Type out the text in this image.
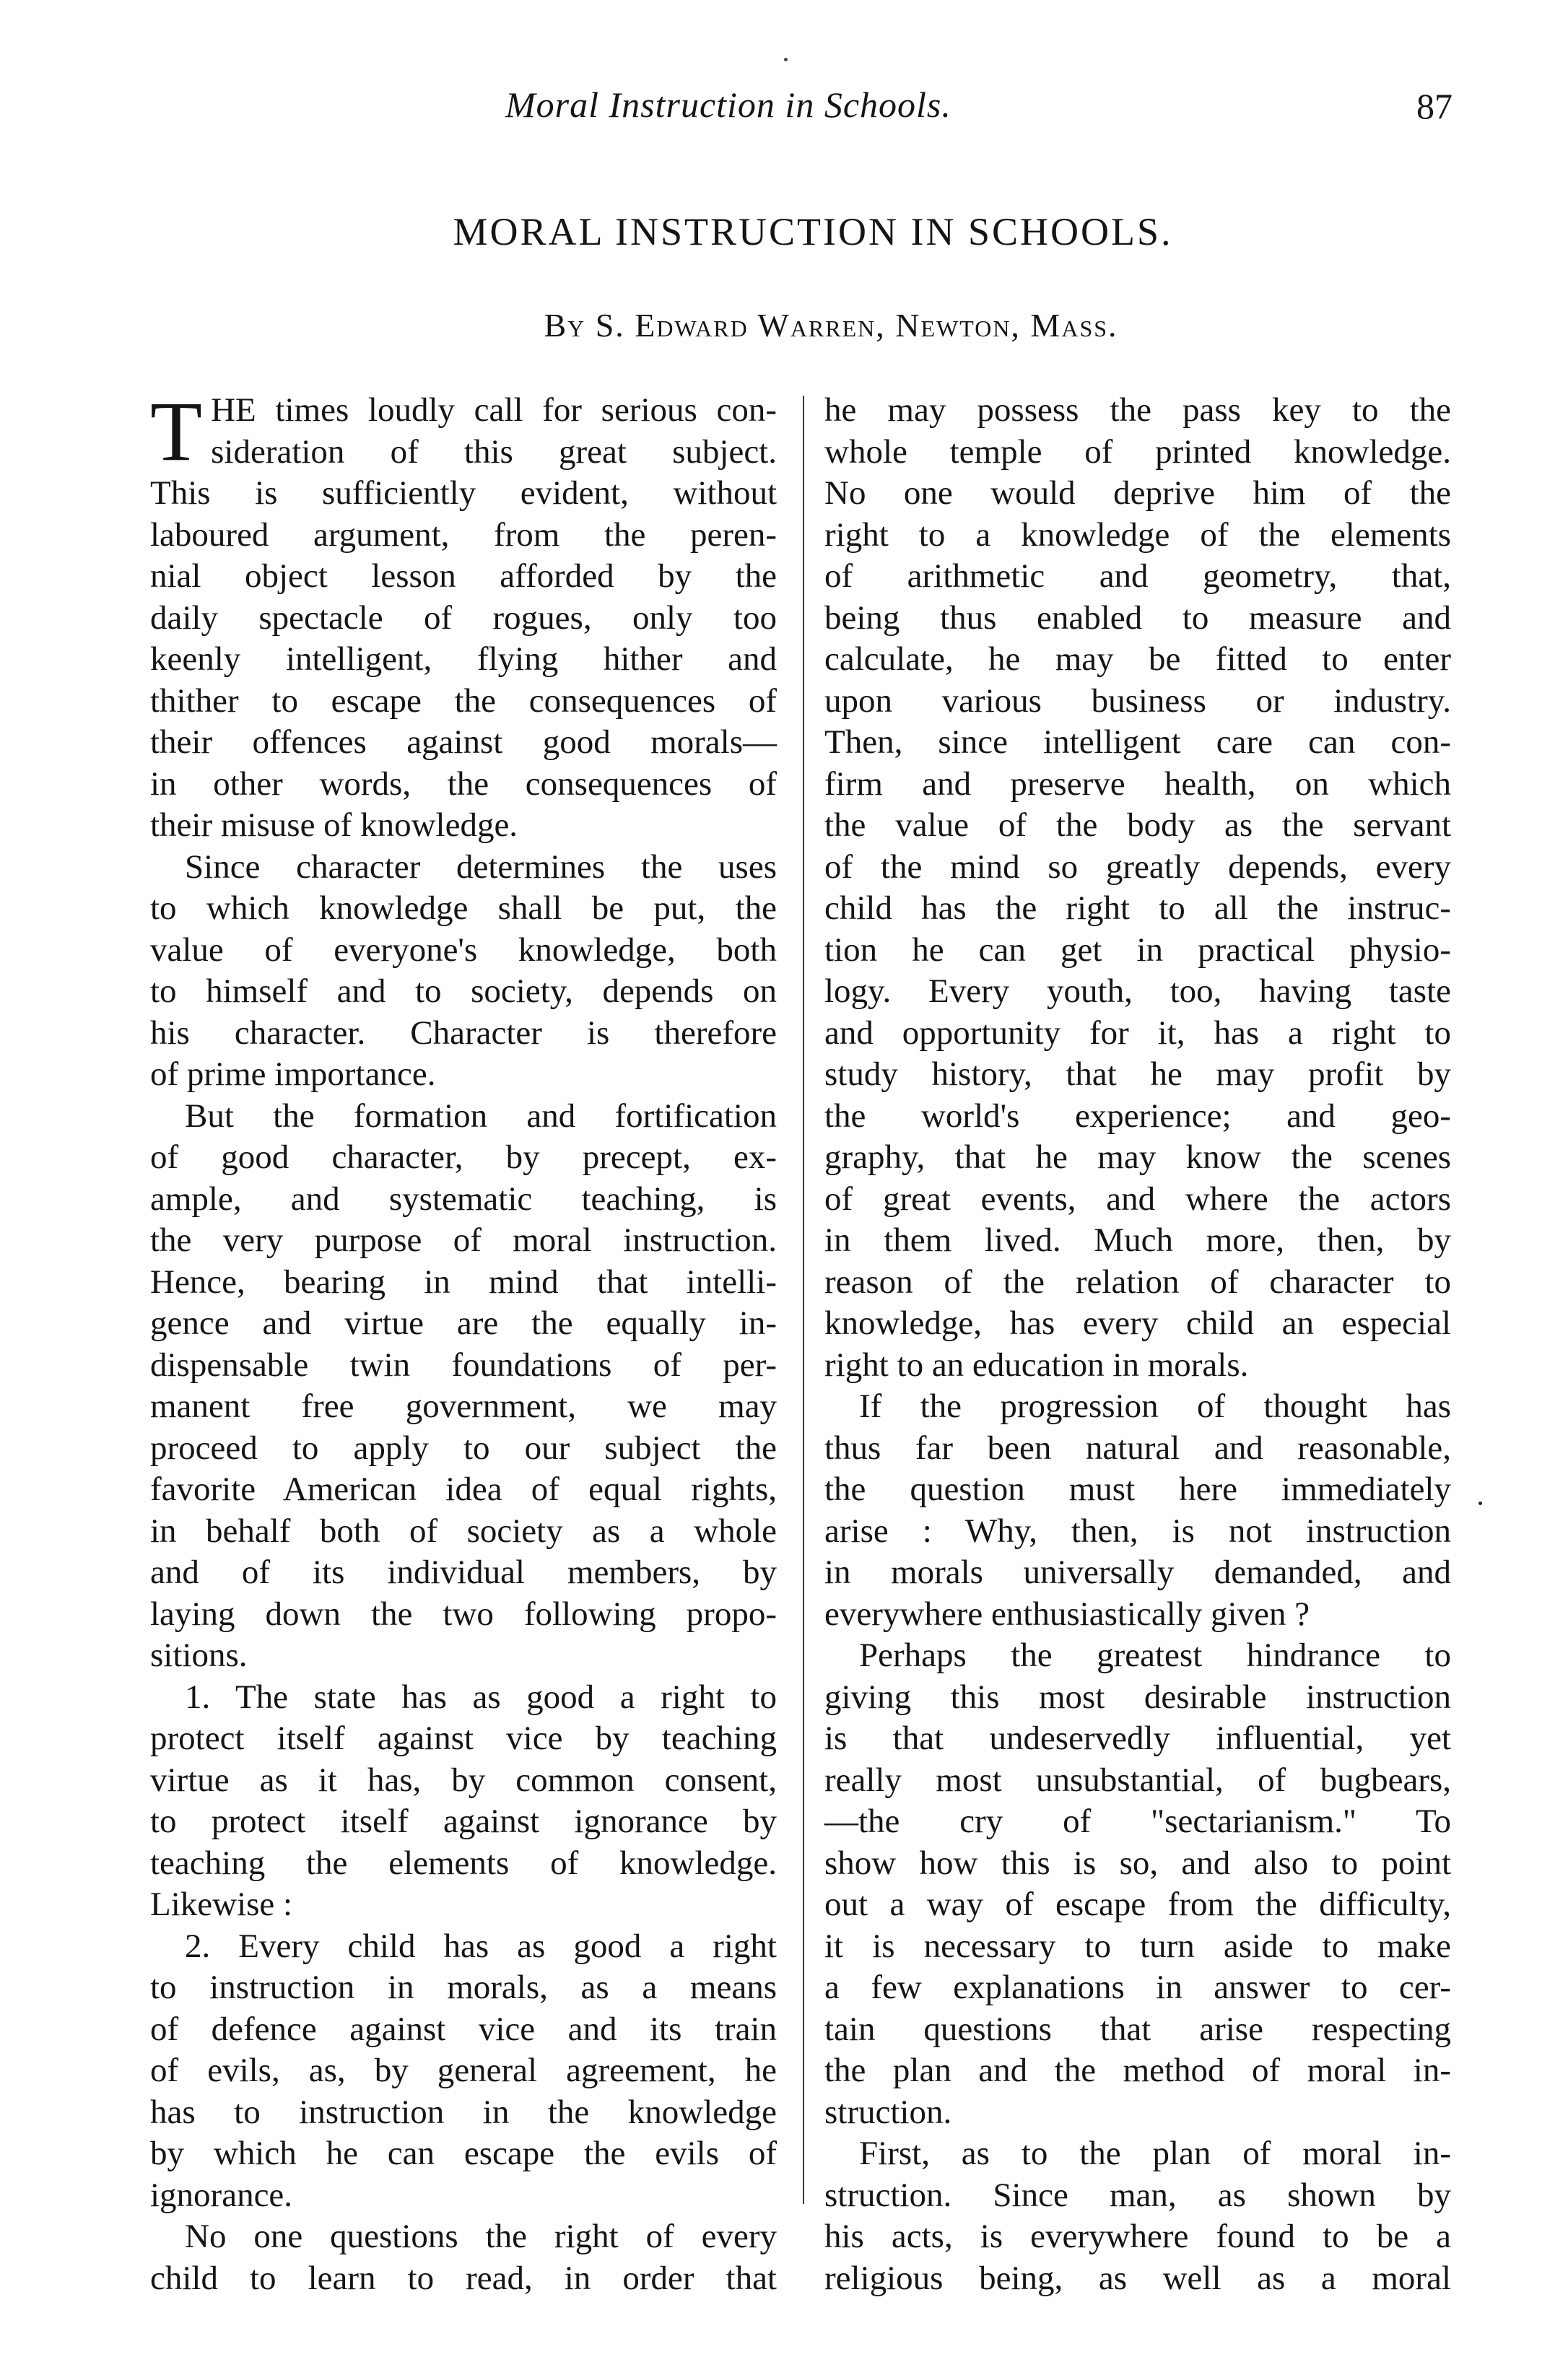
Moral Instruction in Schools.	87
MORAL INSTRUCTION IN SCHOOLS.
By S. Edward Warren, Newton, Mass.
T HE times loudly call for serious con-
sideration of this great subject.
This is sufficiently evident, without
laboured argument, from the peren-
nial object lesson afforded by the
daily spectacle of rogues, only too
keenly intelligent, flying hither and
thither to escape the consequences of
their offences against good morals—
in other words, the consequences of
their misuse of knowledge.
Since character determines the uses
to which knowledge shall be put, the
value of everyone's knowledge, both
to himself and to society, depends on
his character. Character is therefore
of prime importance.
But the formation and fortification
of good character, by precept, ex-
ample, and systematic teaching, is
the very purpose of moral instruction.
Hence, bearing in mind that intelli-
gence and virtue are the equally in-
dispensable twin foundations of per-
manent free government, we may
proceed to apply to our subject the
favorite American idea of equal rights,
in behalf both of society as a whole
and of its individual members, by
laying down the two following propo-
sitions.
1. The state has as good a right to
protect itself against vice by teaching
virtue as it has, by common consent,
to protect itself against ignorance by
teaching the elements of knowledge.
Likewise :
2. Every child has as good a right
to instruction in morals, as a means
of defence against vice and its train
of evils, as, by general agreement, he
has to instruction in the knowledge
by which he can escape the evils of
ignorance.
No one questions the right of every
child to learn to read, in order that
he may possess the pass key to the
whole temple of printed knowledge.
No one would deprive him of the
right to a knowledge of the elements
of arithmetic and geometry, that,
being thus enabled to measure and
calculate, he may be fitted to enter
upon various business or industry.
Then, since intelligent care can con-
firm and preserve health, on which
the value of the body as the servant
of the mind so greatly depends, every
child has the right to all the instruc-
tion he can get in practical physio-
logy. Every youth, too, having taste
and opportunity for it, has a right to
study history, that he may profit by
the world's experience; and geo-
graphy, that he may know the scenes
of great events, and where the actors
in them lived. Much more, then, by
reason of the relation of character to
knowledge, has every child an especial
right to an education in morals.
If the progression of thought has
thus far been natural and reasonable,
the question must here immediately
arise : Why, then, is not instruction
in morals universally demanded, and
everywhere enthusiastically given ?
Perhaps the greatest hindrance to
giving this most desirable instruction
is that undeservedly influential, yet
really most unsubstantial, of bugbears,
—the cry of "sectarianism." To
show how this is so, and also to point
out a way of escape from the difficulty,
it is necessary to turn aside to make
a few explanations in answer to cer-
tain questions that arise respecting
the plan and the method of moral in-
struction.
First, as to the plan of moral in-
struction. Since man, as shown by
his acts, is everywhere found to be a
religious being, as well as a moral
